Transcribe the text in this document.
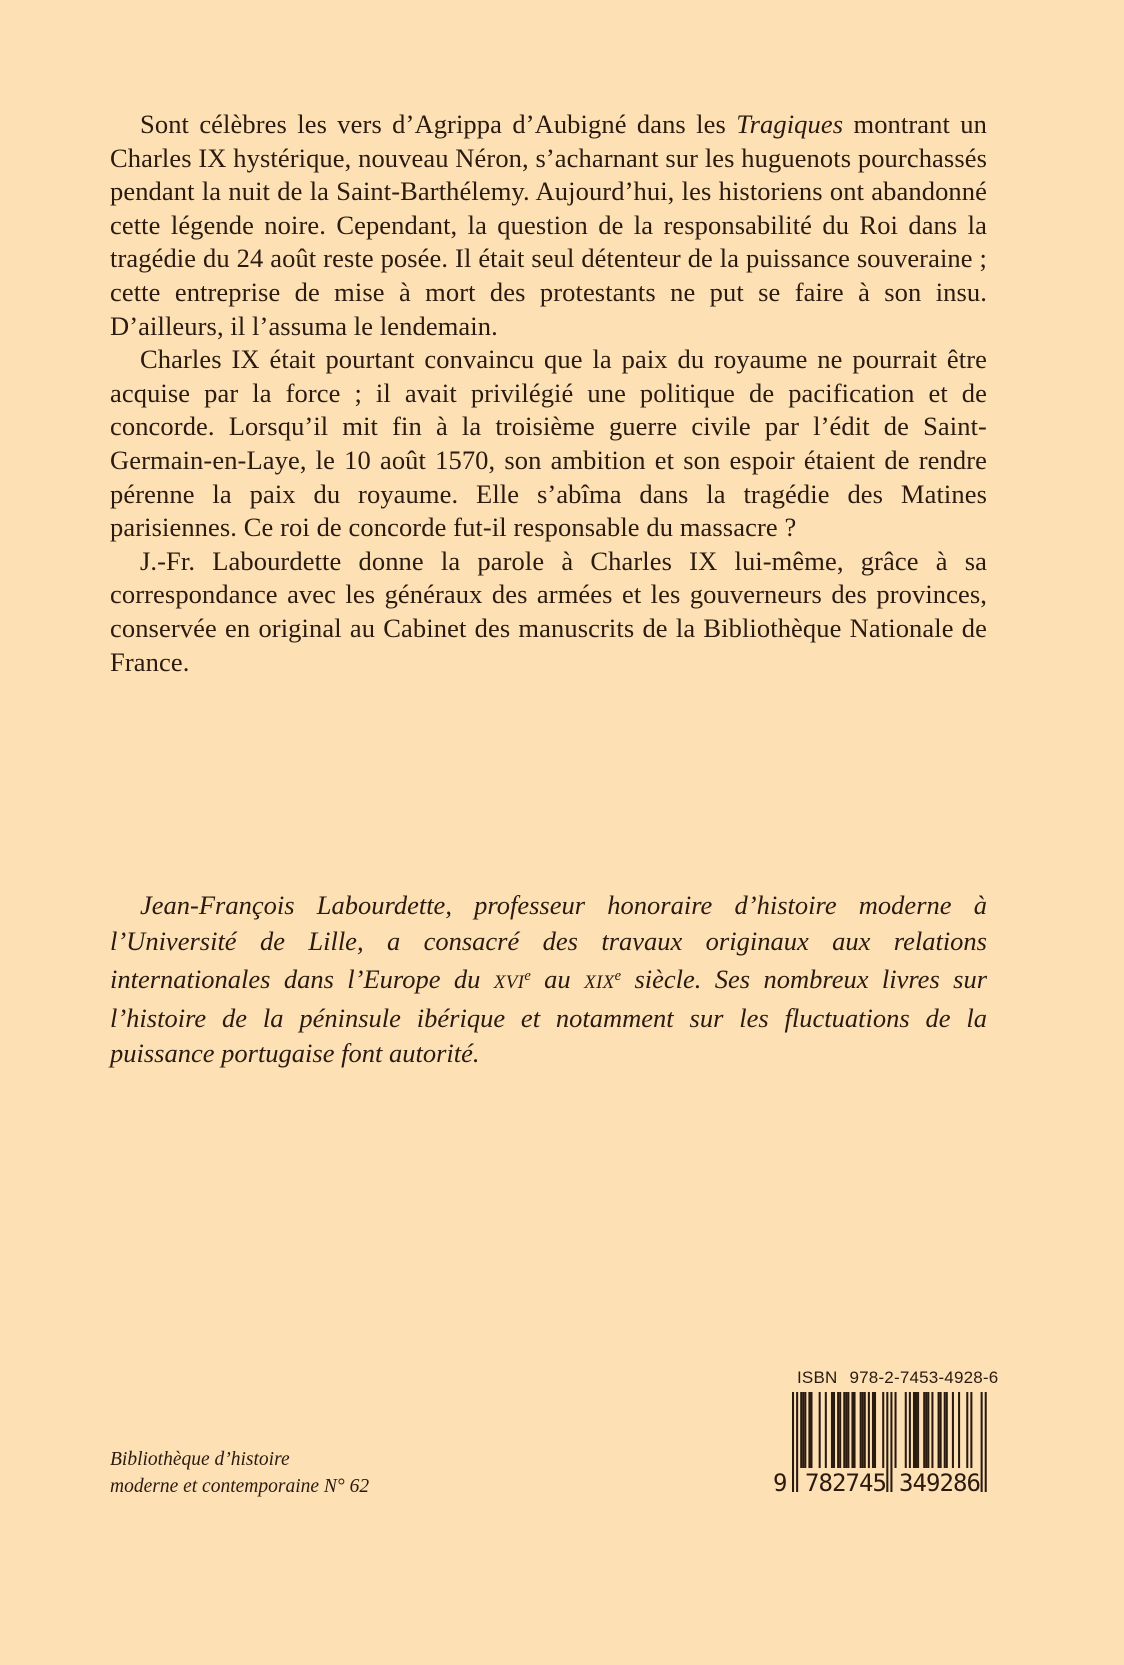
Sont célèbres les vers d’Agrippa d’Aubigné dans les Tragiques montrant un Charles IX hystérique, nouveau Néron, s’acharnant sur les huguenots pourchassés pendant la nuit de la Saint-Barthélemy. Aujourd’hui, les historiens ont abandonné cette légende noire. Cependant, la question de la responsabilité du Roi dans la tragédie du 24 août reste posée. Il était seul détenteur de la puissance souveraine ; cette entreprise de mise à mort des protestants ne put se faire à son insu. D’ailleurs, il l’assuma le lendemain.

Charles IX était pourtant convaincu que la paix du royaume ne pourrait être acquise par la force ; il avait privilégié une politique de pacification et de concorde. Lorsqu’il mit fin à la troisième guerre civile par l’édit de Saint-Germain-en-Laye, le 10 août 1570, son ambition et son espoir étaient de rendre pérenne la paix du royaume. Elle s’abîma dans la tragédie des Matines parisiennes. Ce roi de concorde fut-il responsable du massacre ?

J.-Fr. Labourdette donne la parole à Charles IX lui-même, grâce à sa correspondance avec les généraux des armées et les gouverneurs des provinces, conservée en original au Cabinet des manuscrits de la Bibliothèque Nationale de France.

Jean-François Labourdette, professeur honoraire d’histoire moderne à l’Université de Lille, a consacré des travaux originaux aux relations internationales dans l’Europe du XVIe au XIXe siècle. Ses nombreux livres sur l’histoire de la péninsule ibérique et notamment sur les fluctuations de la puissance portugaise font autorité.

Bibliothèque d’histoire
moderne et contemporaine N° 62
ISBN 978-2-7453-4928-6
9 782745 349286
